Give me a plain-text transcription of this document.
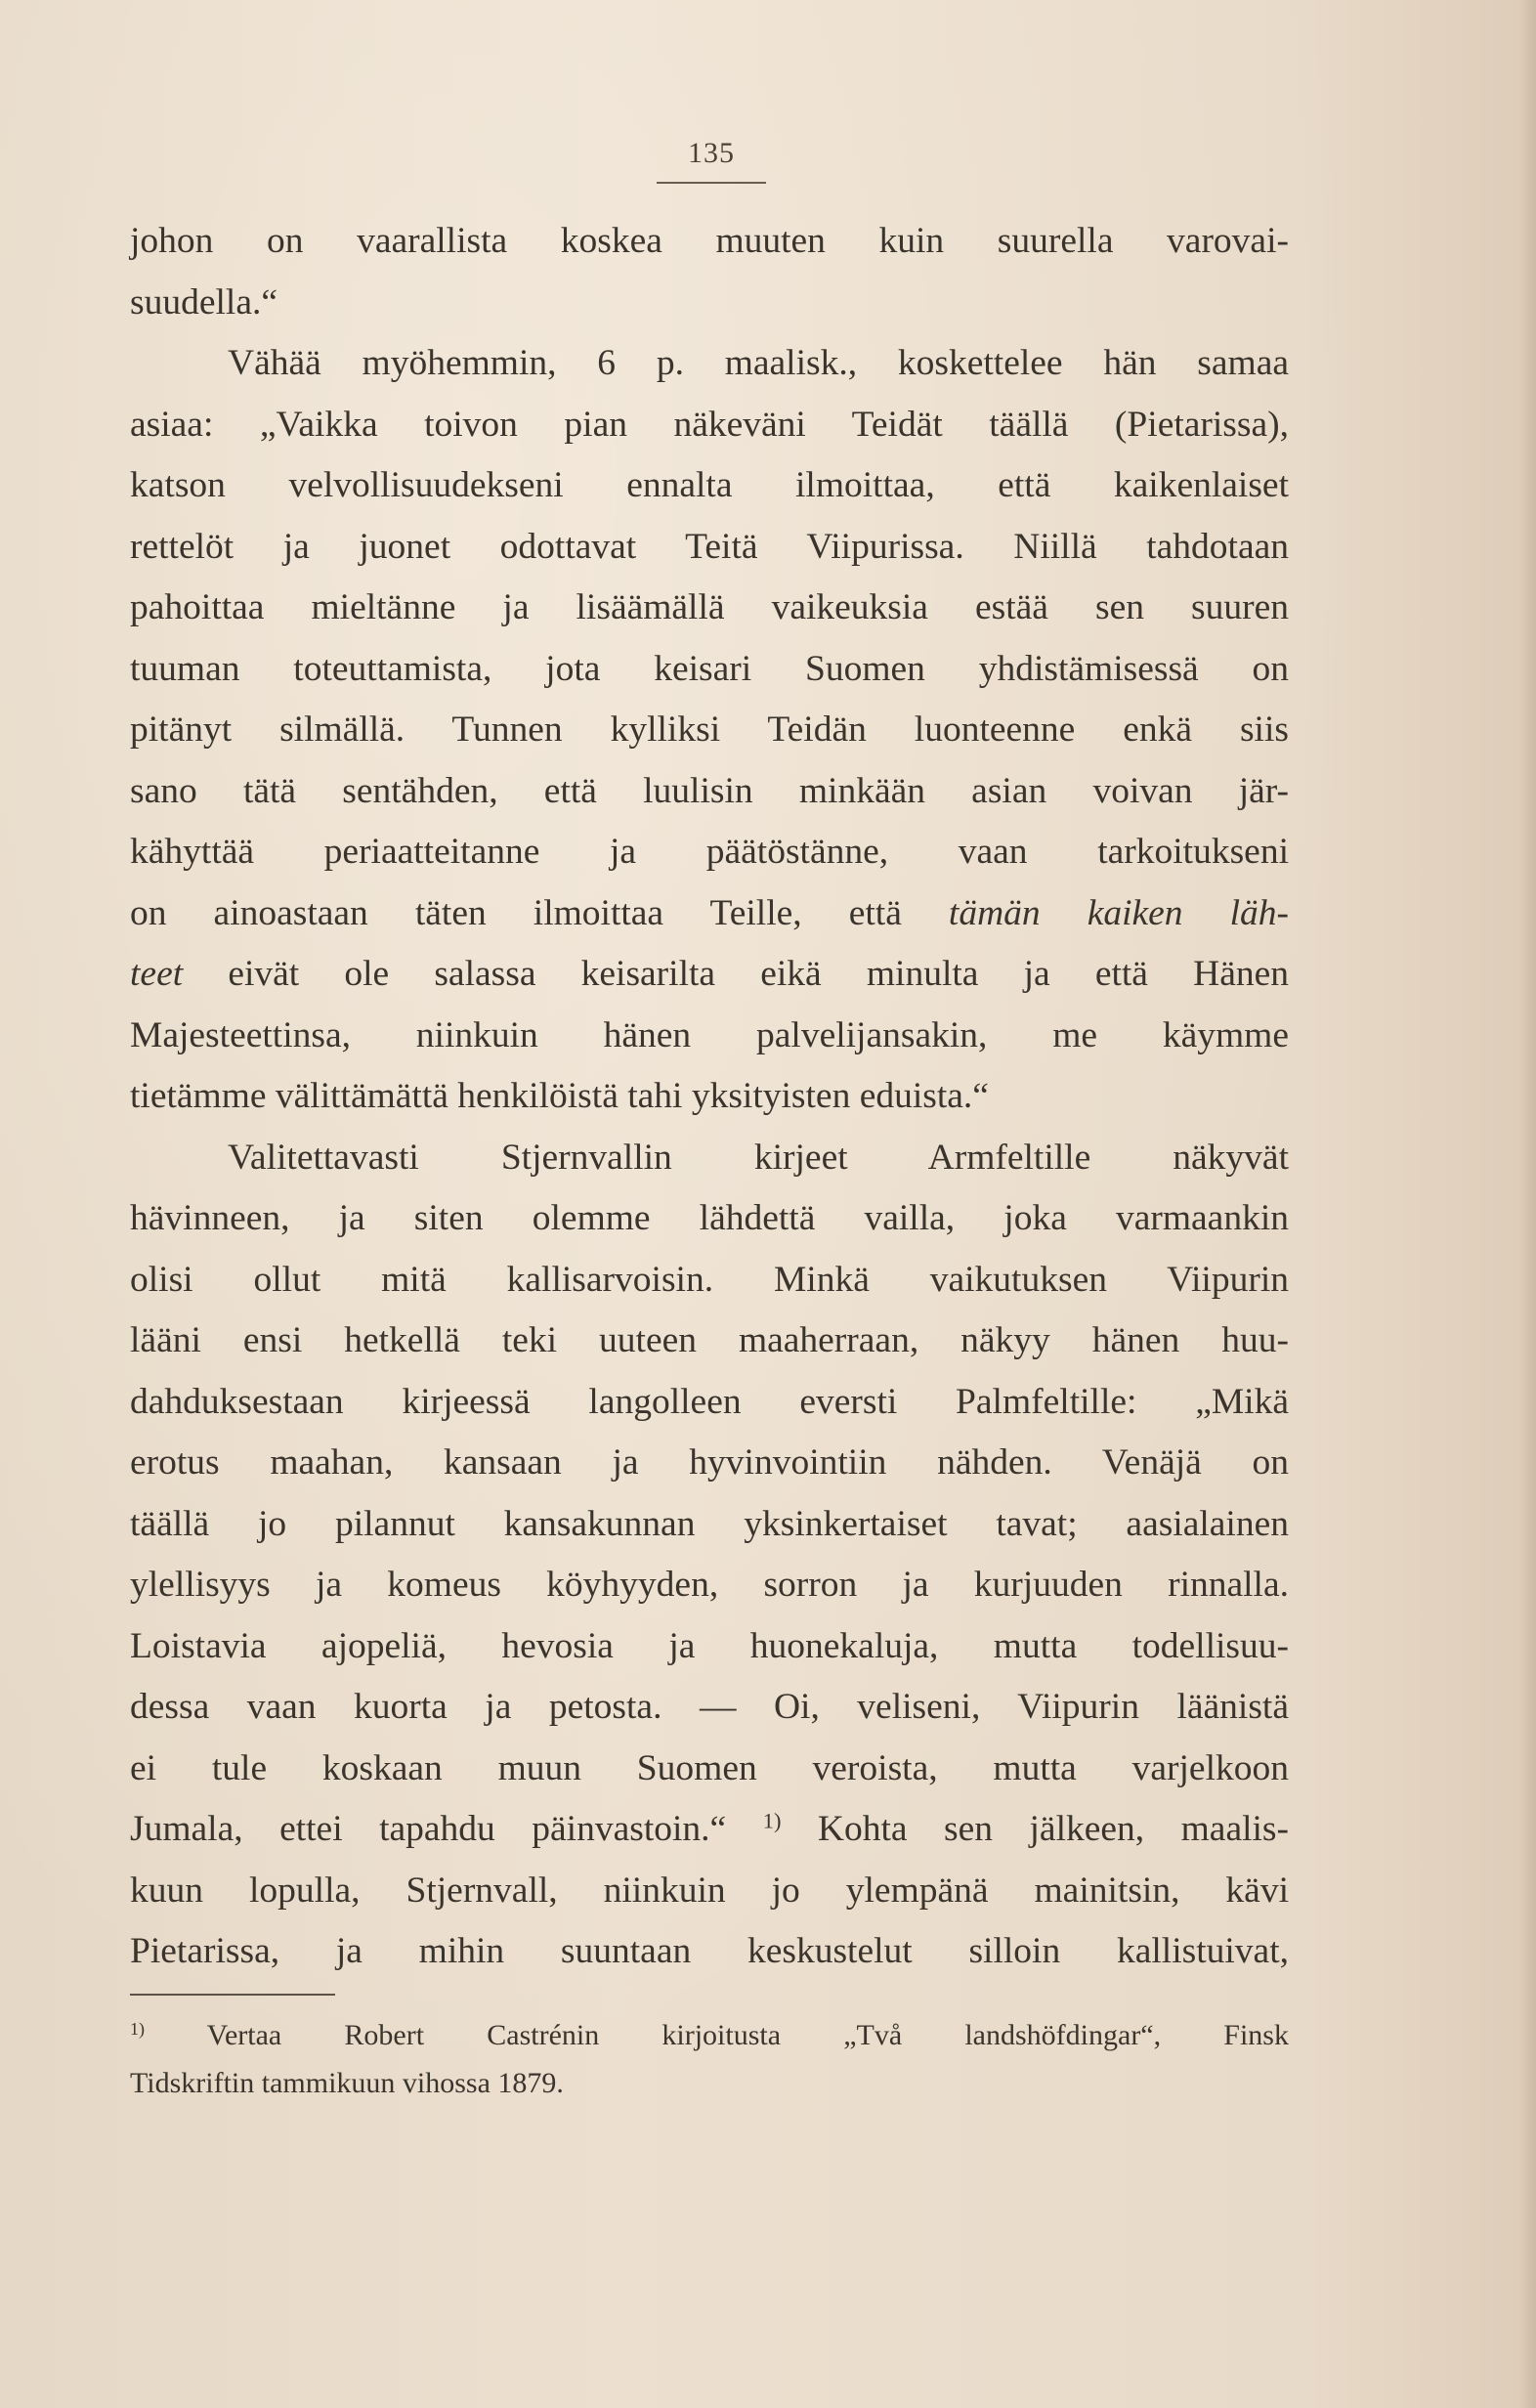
135
johon on vaarallista koskea muuten kuin suurella varovai-
suudella.“
Vähää myöhemmin, 6 p. maalisk., koskettelee hän samaa
asiaa: „Vaikka toivon pian näkeväni Teidät täällä (Pietarissa),
katson velvollisuudekseni ennalta ilmoittaa, että kaikenlaiset
rettelöt ja juonet odottavat Teitä Viipurissa. Niillä tahdotaan
pahoittaa mieltänne ja lisäämällä vaikeuksia estää sen suuren
tuuman toteuttamista, jota keisari Suomen yhdistämisessä on
pitänyt silmällä. Tunnen kylliksi Teidän luonteenne enkä siis
sano tätä sentähden, että luulisin minkään asian voivan jär-
kähyttää periaatteitanne ja päätöstänne, vaan tarkoitukseni
on ainoastaan täten ilmoittaa Teille, että tämän kaiken läh-
teet eivät ole salassa keisarilta eikä minulta ja että Hänen
Majesteettinsa, niinkuin hänen palvelijansakin, me käymme
tietämme välittämättä henkilöistä tahi yksityisten eduista.“
Valitettavasti Stjernvallin kirjeet Armfeltille näkyvät
hävinneen, ja siten olemme lähdettä vailla, joka varmaankin
olisi ollut mitä kallisarvoisin. Minkä vaikutuksen Viipurin
lääni ensi hetkellä teki uuteen maaherraan, näkyy hänen huu-
dahduksestaan kirjeessä langolleen eversti Palmfeltille: „Mikä
erotus maahan, kansaan ja hyvinvointiin nähden. Venäjä on
täällä jo pilannut kansakunnan yksinkertaiset tavat; aasialainen
ylellisyys ja komeus köyhyyden, sorron ja kurjuuden rinnalla.
Loistavia ajopeliä, hevosia ja huonekaluja, mutta todellisuu-
dessa vaan kuorta ja petosta. — Oi, veliseni, Viipurin läänistä
ei tule koskaan muun Suomen veroista, mutta varjelkoon
Jumala, ettei tapahdu päinvastoin.“ $^{1)}$ Kohta sen jälkeen, maalis-
kuun lopulla, Stjernvall, niinkuin jo ylempänä mainitsin, kävi
Pietarissa, ja mihin suuntaan keskustelut silloin kallistuivat,
$^{1)}$ Vertaa Robert Castrénin kirjoitusta „Två landshöfdingar“, Finsk
Tidskriftin tammikuun vihossa 1879.
